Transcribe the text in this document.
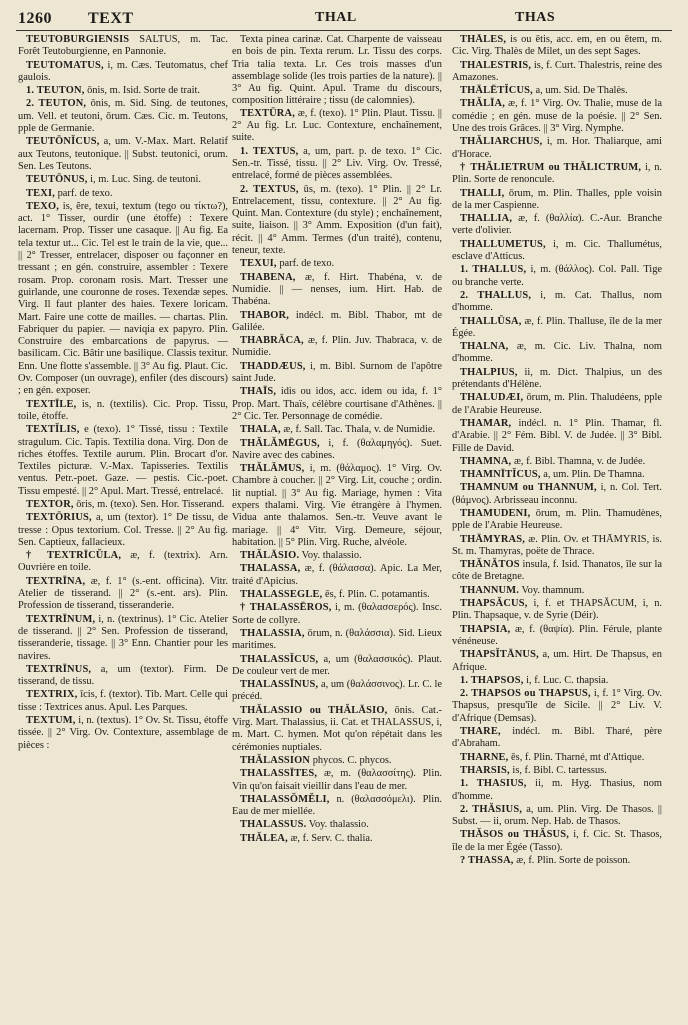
1260 TEXT	THAL	THAS

TEUTOBURGIENSIS SALTUS, m. Tac. Forêt Teutoburgienne, en Pannonie.

TEUTOMATUS, i, m. Cæs. Teutomatus, chef gaulois.

1. TEUTON, ōnis, m. Isid. Sorte de trait.

2. TEUTON, ōnis, m. Sid. Sing. de teutones, um. Vell. et teutoni, ōrum. Cæs. Cic. m. Teutons, pple de Germanie.

TEUTŌNĬCUS, a, um. V.-Max. Mart. Relatif aux Teutons, teutonique. || Subst. teutonici, orum. Sen. Les Teutons.

TEUTŌNUS, i, m. Luc. Sing. de teutoni.

TEXI, parf. de texo.

TEXO, is, ĕre, texui, textum (tego ou τίκτω?), act. 1° Tisser, ourdir (une étoffe) : Texere lacernam. Prop. Tisser une casaque. || Au fig. Ea tela textur ut... Cic. Tel est le train de la vie, que... || 2° Tresser, entrelacer, disposer ou façonner en tressant ; en gén. construire, assembler : Texere rosam. Prop. coronam rosis. Mart. Tresser une guirlande, une couronne de roses. Texendæ sepes. Virg. Il faut planter des haies. Texere loricam. Mart. Faire une cotte de mailles. — chartas. Plin. Fabriquer du papier. — naviqia ex papyro. Plin. Construire des embarcations de papyrus. — basilicam. Cic. Bâtir une basilique. Classis texitur. Enn. Une flotte s'assemble. || 3° Au fig. Plaut. Cic. Ov. Composer (un ouvrage), enfiler (des discours) ; en gén. exposer.

TEXTĪLE, is, n. (textilis). Cic. Prop. Tissu, toile, étoffe.

TEXTĬLIS, e (texo). 1° Tissé, tissu : Textile stragulum. Cic. Tapis. Textilia dona. Virg. Don de riches étoffes. Textile aurum. Plin. Brocart d'or. Textiles picturæ. V.-Max. Tapisseries. Textilis ventus. Petr.-poet. Gaze. — pestis. Cic.-poet. Tissu empesté. || 2° Apul. Mart. Tressé, entrelacé.

TEXTOR, ōris, m. (texo). Sen. Hor. Tisserand.

TEXTŌRIUS, a, um (textor). 1° De tissu, de tresse : Opus textorium. Col. Tresse. || 2° Au fig. Sen. Captieux, fallacieux.

† TEXTRĪCŬLA, æ, f. (textrix). Arn. Ouvrière en toile.

TEXTRĪNA, æ, f. 1° (s.-ent. officina). Vitr. Atelier de tisserand. || 2° (s.-ent. ars). Plin. Profession de tisserand, tisseranderie.

TEXTRĪNUM, i, n. (textrinus). 1° Cic. Atelier de tisserand. || 2° Sen. Profession de tisserand, tisseranderie, tissage. || 3° Enn. Chantier pour les navires.

TEXTRĪNUS, a, um (textor). Firm. De tisserand, de tissu.

TEXTRIX, īcis, f. (textor). Tib. Mart. Celle qui tisse : Textrices anus. Apul. Les Parques.

TEXTUM, i, n. (textus). 1° Ov. St. Tissu, étoffe tissée. || 2° Virg. Ov. Contexture, assemblage de pièces :

Texta pinea carinæ. Cat. Charpente de vaisseau en bois de pin. Texta rerum. Lr. Tissu des corps. Tria talia texta. Lr. Ces trois masses d'un assemblage solide (les trois parties de la nature). || 3° Au fig. Quint. Apul. Trame du discours, composition littéraire ; tissu (de calomnies).

TEXTŪRA, æ, f. (texo). 1° Plin. Plaut. Tissu. || 2° Au fig. Lr. Luc. Contexture, enchaînement, suite.

1. TEXTUS, a, um, part. p. de texo. 1° Cic. Sen.-tr. Tissé, tissu. || 2° Liv. Virg. Ov. Tressé, entrelacé, formé de pièces assemblées.

2. TEXTUS, ūs, m. (texo). 1° Plin. || 2° Lr. Entrelacement, tissu, contexture. || 2° Au fig. Quint. Man. Contexture (du style) ; enchaînement, suite, liaison. || 3° Amm. Exposition (d'un fait), récit. || 4° Amm. Termes (d'un traité), contenu, teneur, texte.

TEXUI, parf. de texo.

THABENA, æ, f. Hirt. Thabéna, v. de Numidie. || — nenses, ium. Hirt. Hab. de Thabéna.

THABOR, indécl. m. Bibl. Thabor, mt de Galilée.

THABRĂCA, æ, f. Plin. Juv. Thabraca, v. de Numidie.

THADDÆUS, i, m. Bibl. Surnom de l'apôtre saint Jude.

THAĪS, idis ou idos, acc. idem ou ida, f. 1° Prop. Mart. Thaïs, célèbre courtisane d'Athènes. || 2° Cic. Ter. Personnage de comédie.

THALA, æ, f. Sall. Tac. Thala, v. de Numidie.

THĂLĂMĒGUS, i, f. (θαλαμηγός). Suet. Navire avec des cabines.

THĂLĂMUS, i, m. (θάλαμος). 1° Virg. Ov. Chambre à coucher. || 2° Virg. Lit, couche ; ordin. lit nuptial. || 3° Au fig. Mariage, hymen : Vita expers thalami. Virg. Vie étrangère à l'hymen. Vidua ante thalamos. Sen.-tr. Veuve avant le mariage. || 4° Vitr. Virg. Demeure, séjour, habitation. || 5° Plin. Virg. Ruche, alvéole.

THĂLĀSIO. Voy. thalassio.

THALASSA, æ, f. (θάλασσα). Apic. La Mer, traité d'Apicius.

THALASSEGLE, ēs, f. Plin. C. potamantis.

† THALASSĒROS, i, m. (θαλασσερός). Insc. Sorte de collyre.

THALASSIA, ōrum, n. (θαλάσσια). Sid. Lieux maritimes.

THALASSĬCUS, a, um (θαλασσικός). Plaut. De couleur vert de mer.

THALASSĪNUS, a, um (θαλάσσινος). Lr. C. le précéd.

THĂLASSIO ou THĂLĀSIO, ōnis. Cat.-Virg. Mart. Thalassius, ii. Cat. et THALASSUS, i, m. Mart. C. hymen. Mot qu'on répétait dans les cérémonies nuptiales.

THĂLASSION phycos. C. phycos.

THALASSĪTES, æ, m. (θαλασσίτης). Plin. Vin qu'on faisait vieillir dans l'eau de mer.

THALASSŎMĔLI, n. (θαλασσόμελι). Plin. Eau de mer miellée.

THALASSUS. Voy. thalassio.

THĂLEA, æ, f. Serv. C. thalia.

THĀLES, is ou ētis, acc. em, en ou ētem, m. Cic. Virg. Thalès de Milet, un des sept Sages.

THALESTRIS, is, f. Curt. Thalestris, reine des Amazones.

THĀLĒTĬCUS, a, um. Sid. De Thalès.

THĂLĪA, æ, f. 1° Virg. Ov. Thalie, muse de la comédie ; en gén. muse de la poésie. || 2° Sen. Une des trois Grâces. || 3° Virg. Nymphe.

THĂLIARCHUS, i, m. Hor. Thaliarque, ami d'Horace.

† THĂLIETRUM ou THĂLICTRUM, i, n. Plin. Sorte de renoncule.

THALLI, ōrum, m. Plin. Thalles, pple voisin de la mer Caspienne.

THALLIA, æ, f. (θαλλία). C.-Aur. Branche verte d'olivier.

THALLUMETUS, i, m. Cic. Thallumétus, esclave d'Atticus.

1. THALLUS, i, m. (θάλλος). Col. Pall. Tige ou branche verte.

2. THALLUS, i, m. Cat. Thallus, nom d'homme.

THALLŪSA, æ, f. Plin. Thalluse, île de la mer Égée.

THALNA, æ, m. Cic. Liv. Thalna, nom d'homme.

THALPIUS, ii, m. Dict. Thalpius, un des prétendants d'Hélène.

THALUDÆI, ōrum, m. Plin. Thaludéens, pple de l'Arabie Heureuse.

THAMAR, indécl. n. 1° Plin. Thamar, fl. d'Arabie. || 2° Fém. Bibl. V. de Judée. || 3° Bibl. Fille de David.

THAMNA, æ, f. Bibl. Thamna, v. de Judée.

THAMNĪTĬCUS, a, um. Plin. De Thamna.

THAMNUM ou THANNUM, i, n. Col. Tert. (θάμνος). Arbrisseau inconnu.

THAMUDENI, ōrum, m. Plin. Thamudènes, pple de l'Arabie Heureuse.

THĀMYRAS, æ. Plin. Ov. et THĀMYRIS, is. St. m. Thamyras, poëte de Thrace.

THĂNĂTOS insula, f. Isid. Thanatos, île sur la côte de Bretagne.

THANNUM. Voy. thamnum.

THAPSĂCUS, i, f. et THAPSĂCUM, i, n. Plin. Thapsaque, v. de Syrie (Déir).

THAPSIA, æ, f. (θαψία). Plin. Férule, plante vénéneuse.

THAPSĬTĀNUS, a, um. Hirt. De Thapsus, en Afrique.

1. THAPSOS, i, f. Luc. C. thapsia.

2. THAPSOS ou THAPSUS, i, f. 1° Virg. Ov. Thapsus, presqu'île de Sicile. || 2° Liv. V. d'Afrique (Demsas).

THARE, indécl. m. Bibl. Tharé, père d'Abraham.

THARNE, ēs, f. Plin. Tharné, mt d'Attique.

THARSIS, is, f. Bibl. C. tartessus.

1. THASIUS, ii, m. Hyg. Thasius, nom d'homme.

2. THĂSIUS, a, um. Plin. Virg. De Thasos. || Subst. — ii, orum. Nep. Hab. de Thasos.

THĂSOS ou THĂSUS, i, f. Cic. St. Thasos, île de la mer Égée (Tasso).

? THASSA, æ, f. Plin. Sorte de poisson.
